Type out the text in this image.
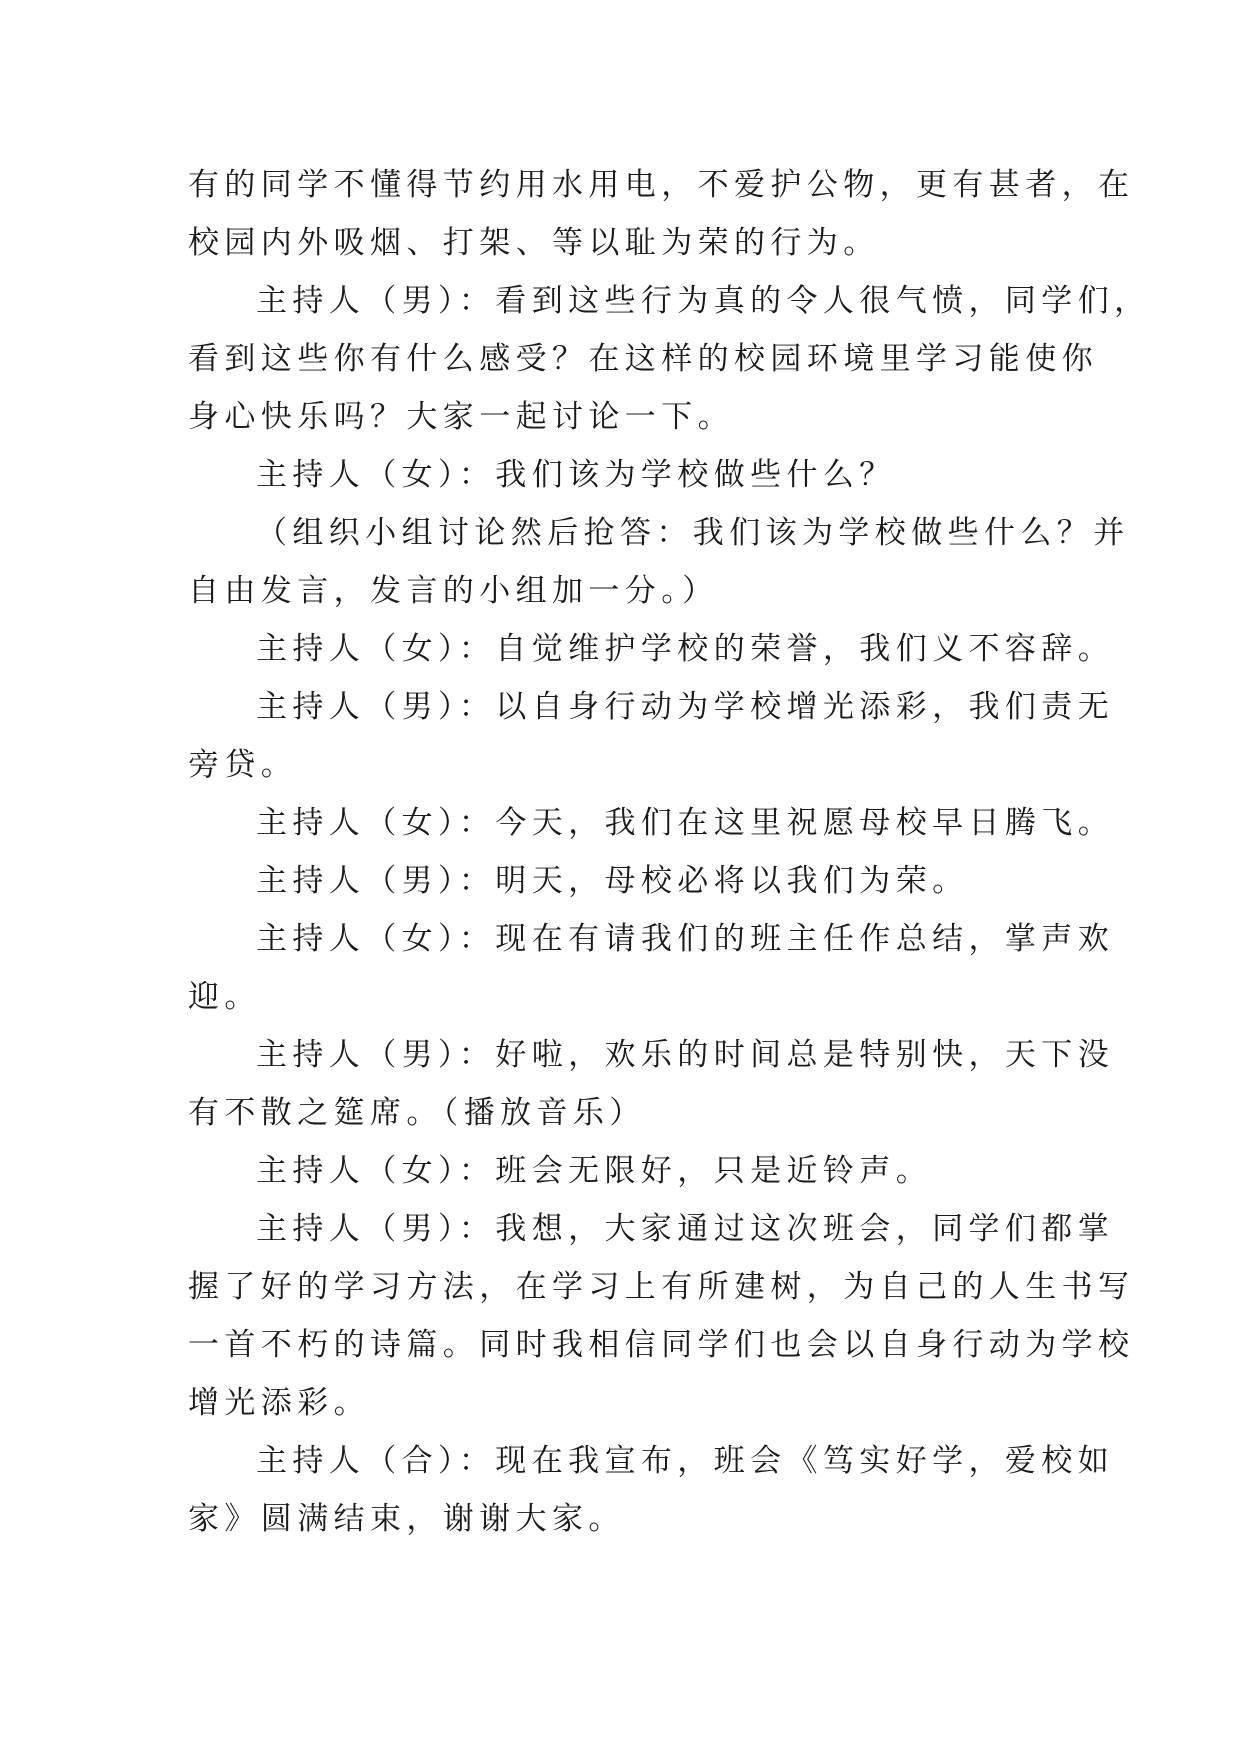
有的同学不懂得节约用水用电，不爱护公物，更有甚者，在
校园内外吸烟、打架、等以耻为荣的行为。
主持人（男）：看到这些行为真的令人很气愤，同学们，
看到这些你有什么感受？在这样的校园环境里学习能使你
身心快乐吗？大家一起讨论一下。
主持人（女）：我们该为学校做些什么？
（组织小组讨论然后抢答：我们该为学校做些什么？并
自由发言，发言的小组加一分。）
主持人（女）：自觉维护学校的荣誉，我们义不容辞。
主持人（男）：以自身行动为学校增光添彩，我们责无
旁贷。
主持人（女）：今天，我们在这里祝愿母校早日腾飞。
主持人（男）：明天，母校必将以我们为荣。
主持人（女）：现在有请我们的班主任作总结，掌声欢
迎。
主持人（男）：好啦，欢乐的时间总是特别快，天下没
有不散之筵席。（播放音乐）
主持人（女）：班会无限好，只是近铃声。
主持人（男）：我想，大家通过这次班会，同学们都掌
握了好的学习方法，在学习上有所建树，为自己的人生书写
一首不朽的诗篇。同时我相信同学们也会以自身行动为学校
增光添彩。
主持人（合）：现在我宣布，班会《笃实好学，爱校如
家》圆满结束，谢谢大家。
